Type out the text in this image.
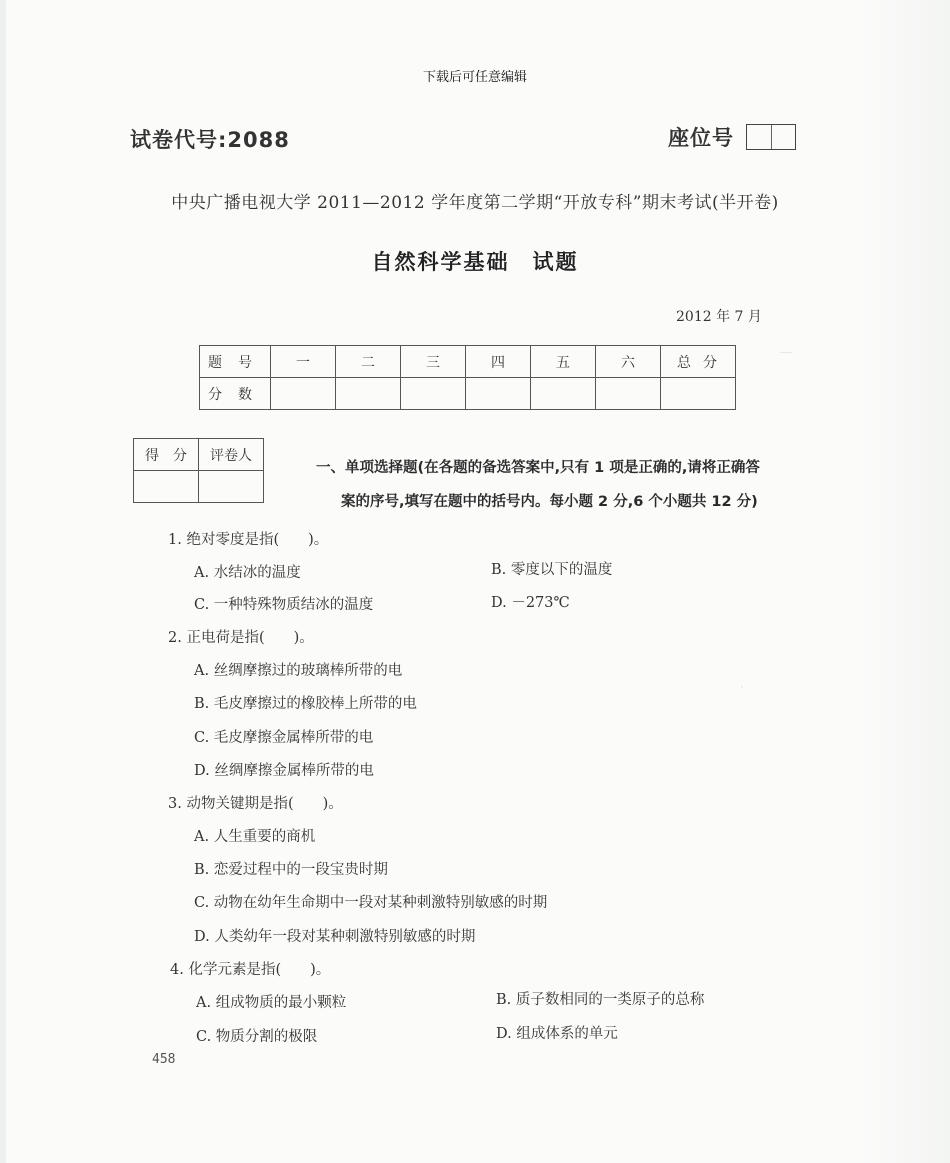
—
·
下载后可任意编辑
试卷代号:2088	座位号
中央广播电视大学 2011—2012 学年度第二学期“开放专科”期末考试(半开卷)
自然科学基础　试题
2012 年 7 月
题号	一	二	三	四	五	六	总分
分数							
得　分	评卷人

一、单项选择题(在各题的备选答案中,只有 1 项是正确的,请将正确答
案的序号,填写在题中的括号内。每小题 2 分,6 个小题共 12 分)
1. 绝对零度是指(　　)。
A. 水结冰的温度	B. 零度以下的温度
C. 一种特殊物质结冰的温度	D. －273℃
2. 正电荷是指(　　)。
A. 丝绸摩擦过的玻璃棒所带的电
B. 毛皮摩擦过的橡胶棒上所带的电
C. 毛皮摩擦金属棒所带的电
D. 丝绸摩擦金属棒所带的电
3. 动物关键期是指(　　)。
A. 人生重要的商机
B. 恋爱过程中的一段宝贵时期
C. 动物在幼年生命期中一段对某种刺激特别敏感的时期
D. 人类幼年一段对某种刺激特别敏感的时期
4. 化学元素是指(　　)。
A. 组成物质的最小颗粒	B. 质子数相同的一类原子的总称
C. 物质分割的极限	D. 组成体系的单元
458
